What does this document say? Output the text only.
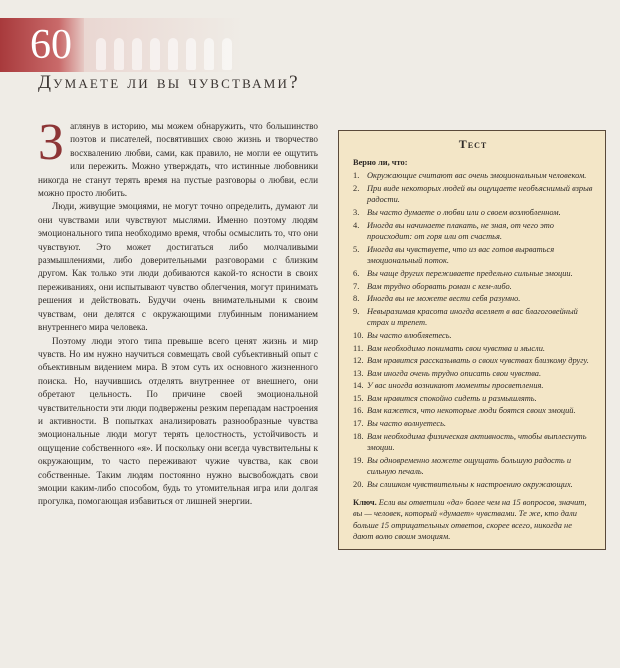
60
Думаете ли вы чувствами?

Заглянув в историю, мы можем обнаружить, что большинство поэтов и писателей, посвятивших свою жизнь и творчество восхвалению любви, сами, как правило, не могли ее ощутить или пережить. Можно утверждать, что истинные любовники никогда не станут терять время на пустые разговоры о любви, если можно просто любить.

Люди, живущие эмоциями, не могут точно определить, думают ли они чувствами или чувствуют мыслями. Именно поэтому людям эмоционального типа необходимо время, чтобы осмыслить то, что они чувствуют. Это может достигаться либо молчаливыми размышлениями, либо доверительными разговорами с близким другом. Как только эти люди добиваются какой-то ясности в своих переживаниях, они испытывают чувство облегчения, могут принимать решения и действовать. Будучи очень внимательными к своим чувствам, они делятся с окружающими глубинным пониманием внутреннего мира человека.

Поэтому люди этого типа превыше всего ценят жизнь и мир чувств. Но им нужно научиться совмещать свой субъективный опыт с объективным видением мира. В этом суть их основного жизненного поиска. Но, научившись отделять внутреннее от внешнего, они обретают цельность. По причине своей эмоциональной чувствительности эти люди подвержены резким перепадам настроения и активности. В попытках анализировать разнообразные чувства эмоциональные люди могут терять целостность, устойчивость и ощущение собственного «я». И поскольку они всегда чувствительны к окружающим, то часто переживают чужие чувства, как свои собственные. Таким людям постоянно нужно высвобождать свои эмоции каким-либо способом, будь то утомительная игра или долгая прогулка, помогающая избавиться от лишней энергии.

Тест
Верно ли, что:
1. Окружающие считают вас очень эмоциональным человеком.
2. При виде некоторых людей вы ощущаете необъяснимый взрыв радости.
3. Вы часто думаете о любви или о своем возлюбленном.
4. Иногда вы начинаете плакать, не зная, от чего это происходит: от горя или от счастья.
5. Иногда вы чувствуете, что из вас готов вырваться эмоциональный поток.
6. Вы чаще других переживаете предельно сильные эмоции.
7. Вам трудно оборвать роман с кем-либо.
8. Иногда вы не можете вести себя разумно.
9. Невыразимая красота иногда вселяет в вас благоговейный страх и трепет.
10. Вы часто влюбляетесь.
11. Вам необходимо понимать свои чувства и мысли.
12. Вам нравится рассказывать о своих чувствах близкому другу.
13. Вам иногда очень трудно описать свои чувства.
14. У вас иногда возникают моменты просветления.
15. Вам нравится спокойно сидеть и размышлять.
16. Вам кажется, что некоторые люди боятся своих эмоций.
17. Вы часто волнуетесь.
18. Вам необходима физическая активность, чтобы выплеснуть эмоции.
19. Вы одновременно можете ощущать большую радость и сильную печаль.
20. Вы слишком чувствительны к настроению окружающих.
Ключ. Если вы ответили «да» более чем на 15 вопросов, значит, вы — человек, который «думает» чувствами. Те же, кто дали больше 15 отрицательных ответов, скорее всего, никогда не дают волю своим эмоциям.
